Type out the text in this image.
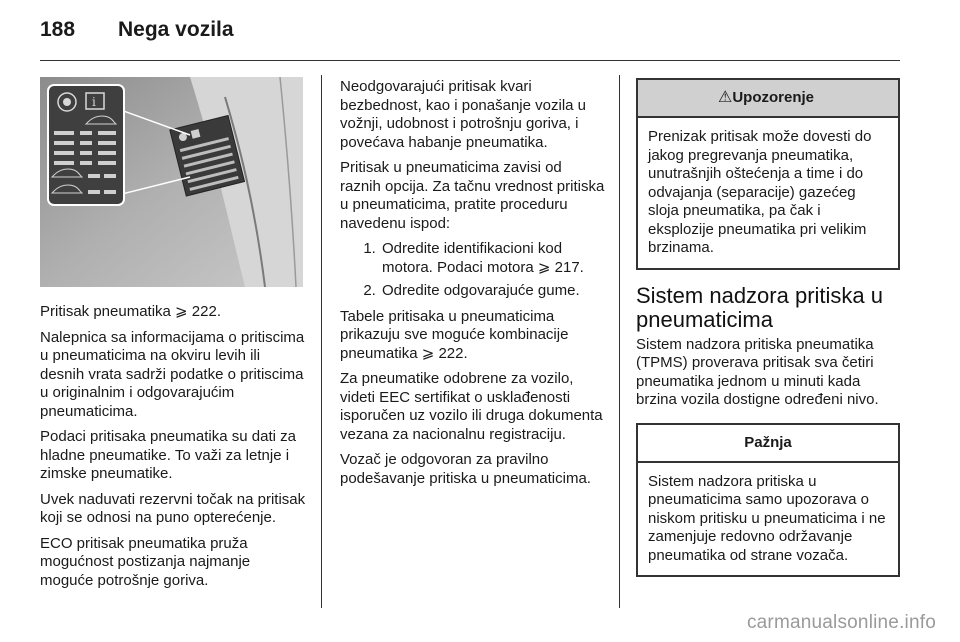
188 Nega vozila
i

Pritisak pneumatika ⩾ 222.

Nalepnica sa informacijama o pritiscima u pneumaticima na okviru levih ili desnih vrata sadrži podatke o pritiscima u originalnim i odgovarajućim pneumaticima.

Podaci pritisaka pneumatika su dati za hladne pneumatike. To važi za letnje i zimske pneumatike.

Uvek naduvati rezervni točak na pritisak koji se odnosi na puno opterećenje.

ECO pritisak pneumatika pruža mogućnost postizanja najmanje moguće potrošnje goriva.

Neodgovarajući pritisak kvari bezbednost, kao i ponašanje vozila u vožnji, udobnost i potrošnju goriva, i povećava habanje pneumatika.

Pritisak u pneumaticima zavisi od raznih opcija. Za tačnu vrednost pritiska u pneumaticima, pratite proceduru navedenu ispod:

1. Odredite identifikacioni kod motora. Podaci motora ⩾ 217.
2. Odredite odgovarajuće gume.

Tabele pritisaka u pneumaticima prikazuju sve moguće kombinacije pneumatika ⩾ 222.

Za pneumatike odobrene za vozilo, videti EEC sertifikat o usklađenosti isporučen uz vozilo ili druga dokumenta vezana za nacionalnu registraciju.

Vozač je odgovoran za pravilno podešavanje pritiska u pneumaticima.

⚠Upozorenje
Prenizak pritisak može dovesti do jakog pregrevanja pneumatika, unutrašnjih oštećenja a time i do odvajanja (separacije) gazećeg sloja pneumatika, pa čak i eksplozije pneumatika pri velikim brzinama.
Sistem nadzora pritiska u pneumaticima

Sistem nadzora pritiska pneumatika (TPMS) proverava pritisak sva četiri pneumatika jednom u minuti kada brzina vozila dostigne određeni nivo.

Pažnja
Sistem nadzora pritiska u pneumaticima samo upozorava o niskom pritisku u pneumaticima i ne zamenjuje redovno održavanje pneumatika od strane vozača.
carmanualsonline.info
